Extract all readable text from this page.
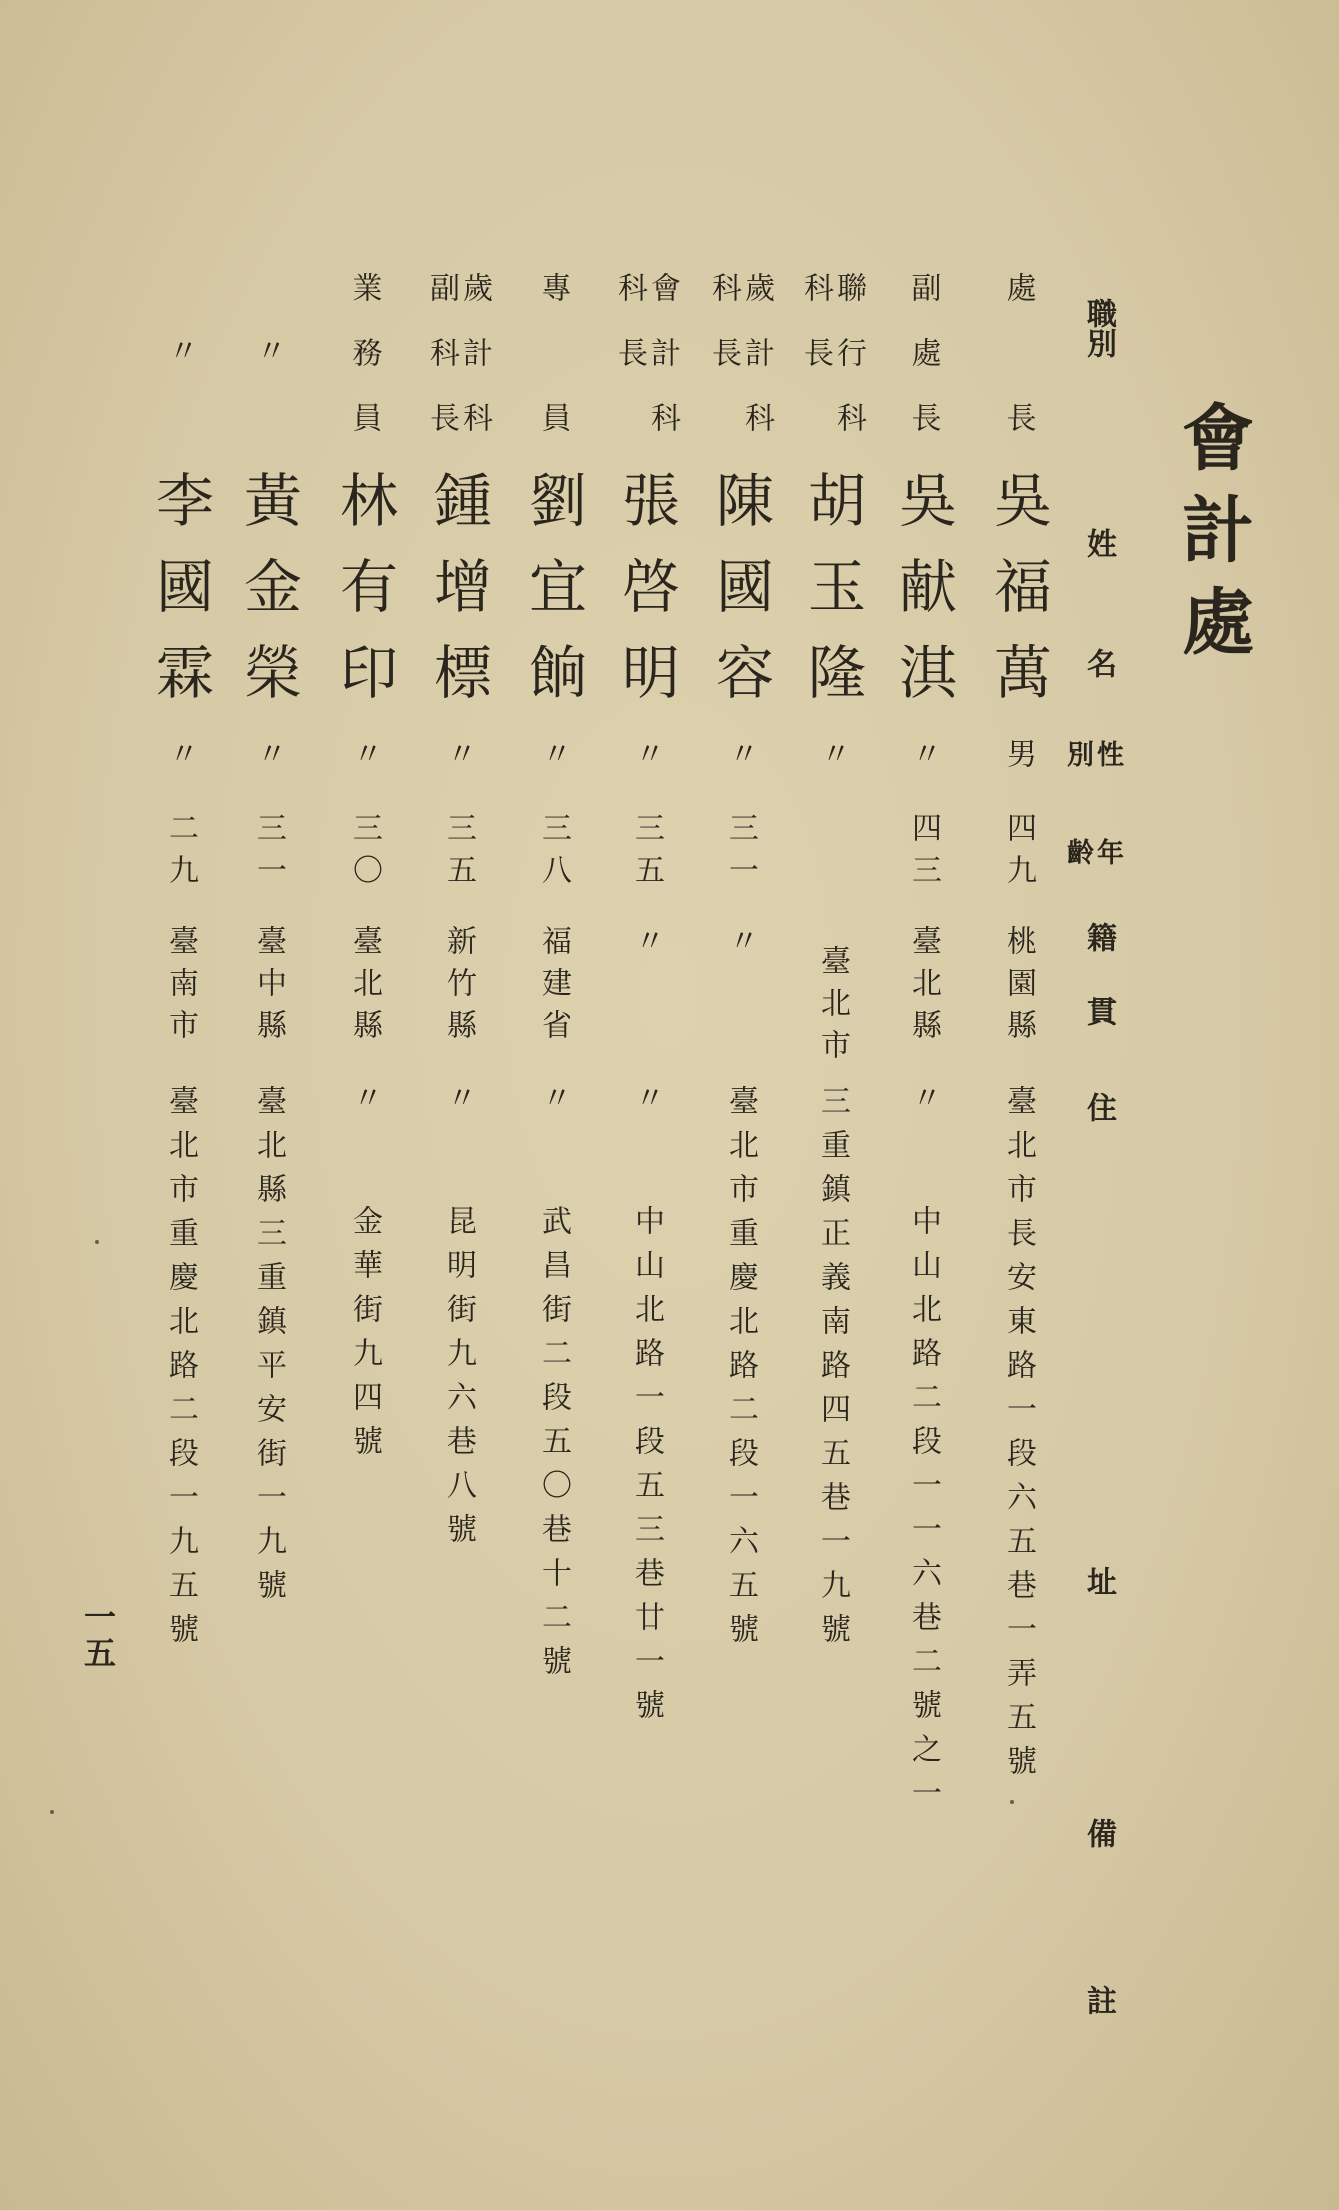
會計處
職別
姓
名
性別
年齡
籍
貫
住
址
備
註
處長
吳福萬
男
四九
桃園縣
臺北市長安東路一段六五巷一弄五號
副處長
吳献淇
〃
四三
臺北縣
〃
中山北路二段一一六巷二號之一
聯行科科長
胡玉隆
〃
臺北市
三重鎮正義南路四五巷一九號
歲計科科長
陳國容
〃
三一
〃
臺北市重慶北路二段一六五號
會計科科長
張啓明
〃
三五
〃
〃
中山北路一段五三巷廿一號
專員
劉宜餉
〃
三八
福建省
〃
武昌街二段五〇巷十二號
歲計科副科長
鍾增標
〃
三五
新竹縣
〃
昆明街九六巷八號
業務員
林有印
〃
三〇
臺北縣
〃
金華街九四號
〃
黃金榮
〃
三一
臺中縣
臺北縣三重鎮平安街一九號
〃
李國霖
〃
二九
臺南市
臺北市重慶北路二段一九五號
一五
